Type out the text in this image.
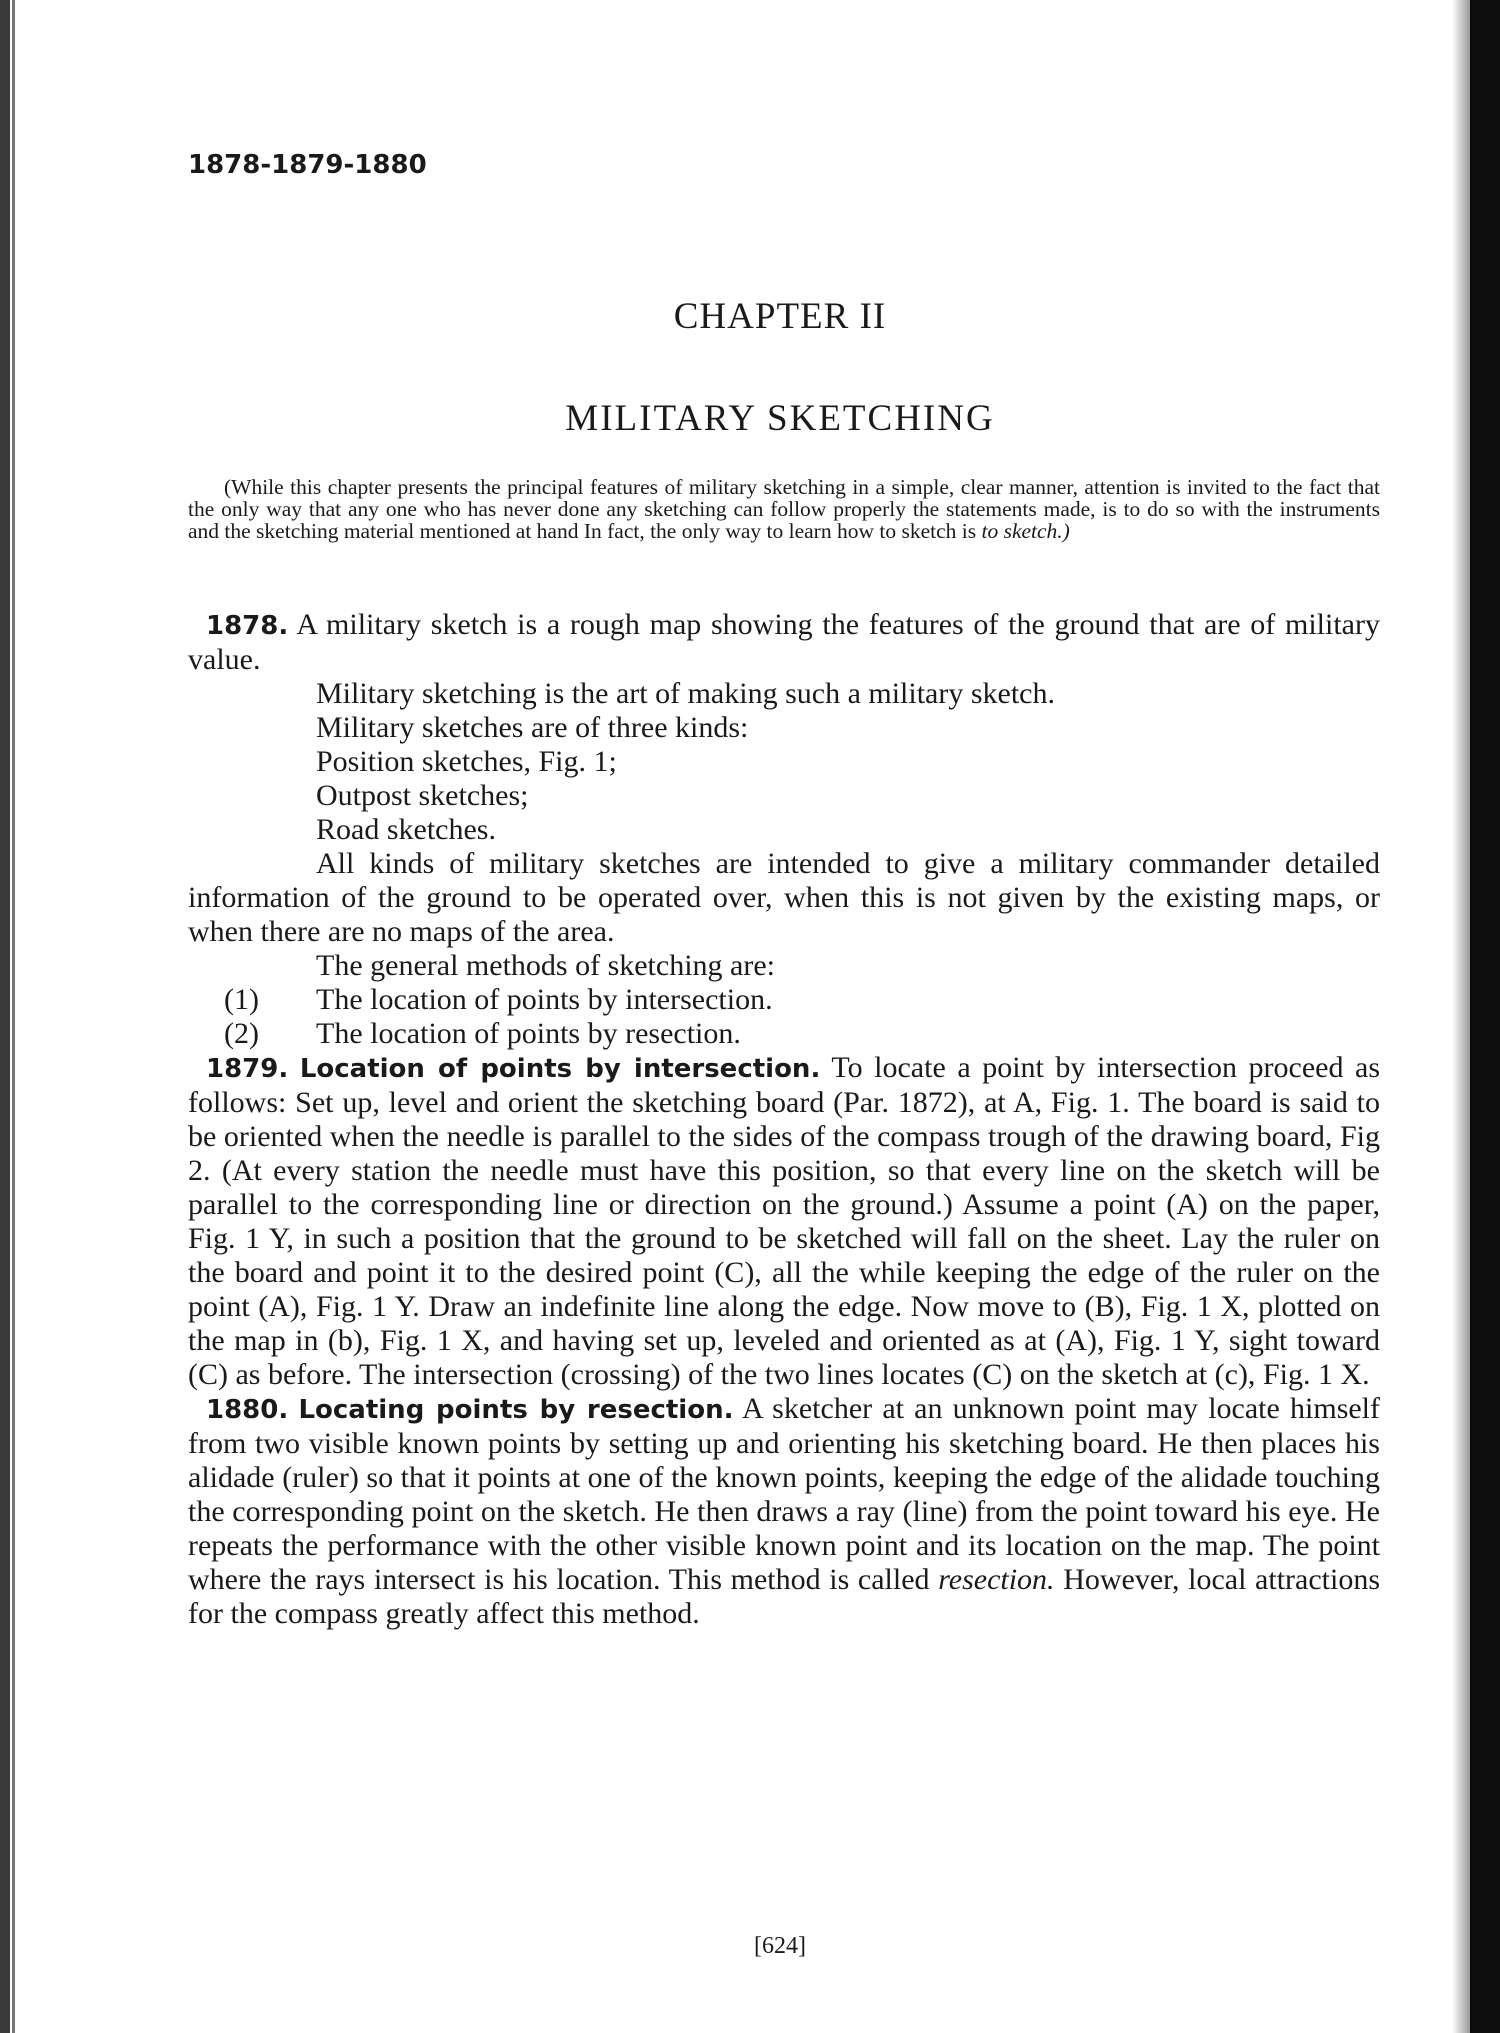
1878-1879-1880
CHAPTER II
MILITARY SKETCHING
(While this chapter presents the principal features of military sketching in a simple, clear manner, attention is invited to the fact that the only way that any one who has never done any sketching can follow properly the statements made, is to do so with the instruments and the sketching material mentioned at hand In fact, the only way to learn how to sketch is to sketch.)

1878. A military sketch is a rough map showing the features of the ground that are of military value.

Military sketching is the art of making such a military sketch.

Military sketches are of three kinds:

Position sketches, Fig. 1;

Outpost sketches;

Road sketches.

All kinds of military sketches are intended to give a military commander detailed information of the ground to be operated over, when this is not given by the existing maps, or when there are no maps of the area.

The general methods of sketching are:

(1) The location of points by intersection.

(2) The location of points by resection.

1879. Location of points by intersection. To locate a point by intersection proceed as follows: Set up, level and orient the sketching board (Par. 1872), at A, Fig. 1. The board is said to be oriented when the needle is parallel to the sides of the compass trough of the drawing board, Fig 2. (At every station the needle must have this position, so that every line on the sketch will be parallel to the corresponding line or direction on the ground.) Assume a point (A) on the paper, Fig. 1 Y, in such a position that the ground to be sketched will fall on the sheet. Lay the ruler on the board and point it to the desired point (C), all the while keeping the edge of the ruler on the point (A), Fig. 1 Y. Draw an indefinite line along the edge. Now move to (B), Fig. 1 X, plotted on the map in (b), Fig. 1 X, and having set up, leveled and oriented as at (A), Fig. 1 Y, sight toward (C) as before. The intersection (crossing) of the two lines locates (C) on the sketch at (c), Fig. 1 X.

1880. Locating points by resection. A sketcher at an unknown point may locate himself from two visible known points by setting up and orienting his sketching board. He then places his alidade (ruler) so that it points at one of the known points, keeping the edge of the alidade touching the corresponding point on the sketch. He then draws a ray (line) from the point toward his eye. He repeats the performance with the other visible known point and its location on the map. The point where the rays intersect is his location. This method is called resection. However, local attractions for the compass greatly affect this method.

[624]
